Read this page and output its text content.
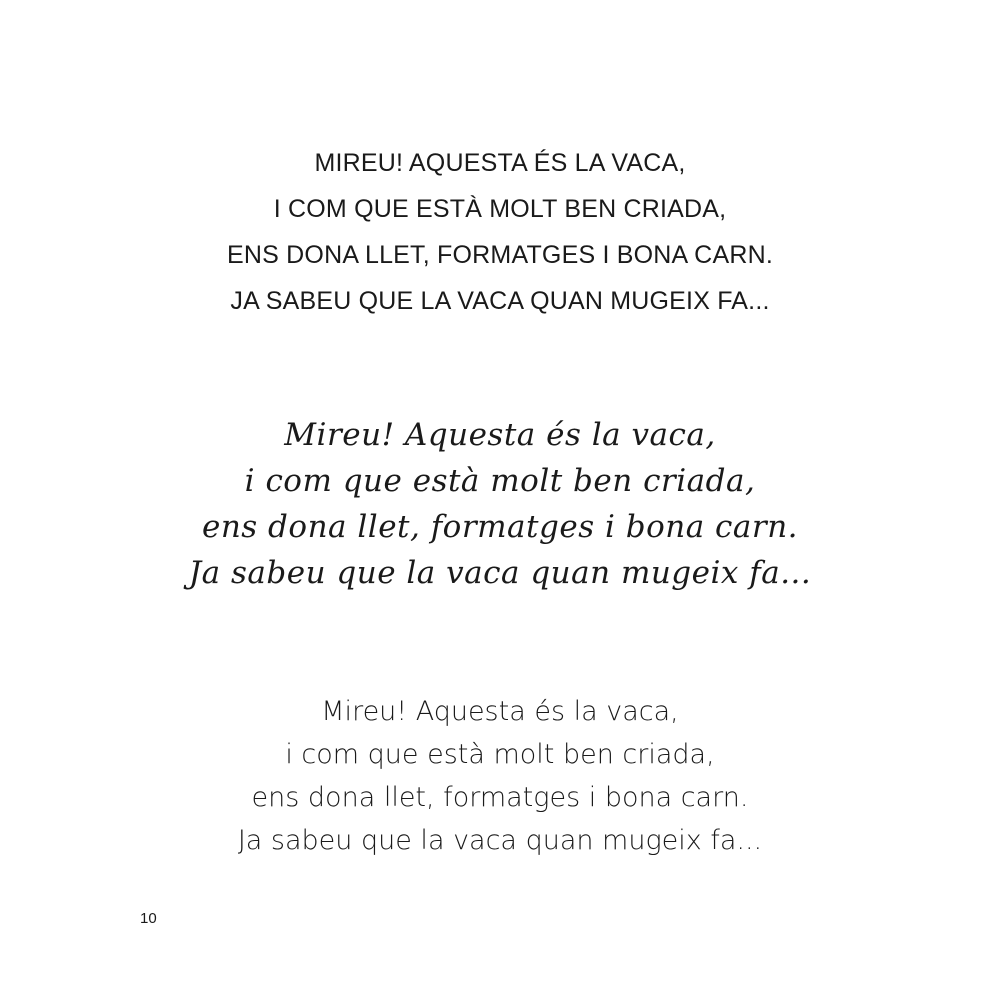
MIREU! AQUESTA ÉS LA VACA,
I COM QUE ESTÀ MOLT BEN CRIADA,
ENS DONA LLET, FORMATGES I BONA CARN.
JA SABEU QUE LA VACA QUAN MUGEIX FA...
Mireu! Aquesta és la vaca,
i com que està molt ben criada,
ens dona llet, formatges i bona carn.
Ja sabeu que la vaca quan mugeix fa...
Mireu! Aquesta és la vaca,
i com que està molt ben criada,
ens dona llet, formatges i bona carn.
Ja sabeu que la vaca quan mugeix fa...
10
